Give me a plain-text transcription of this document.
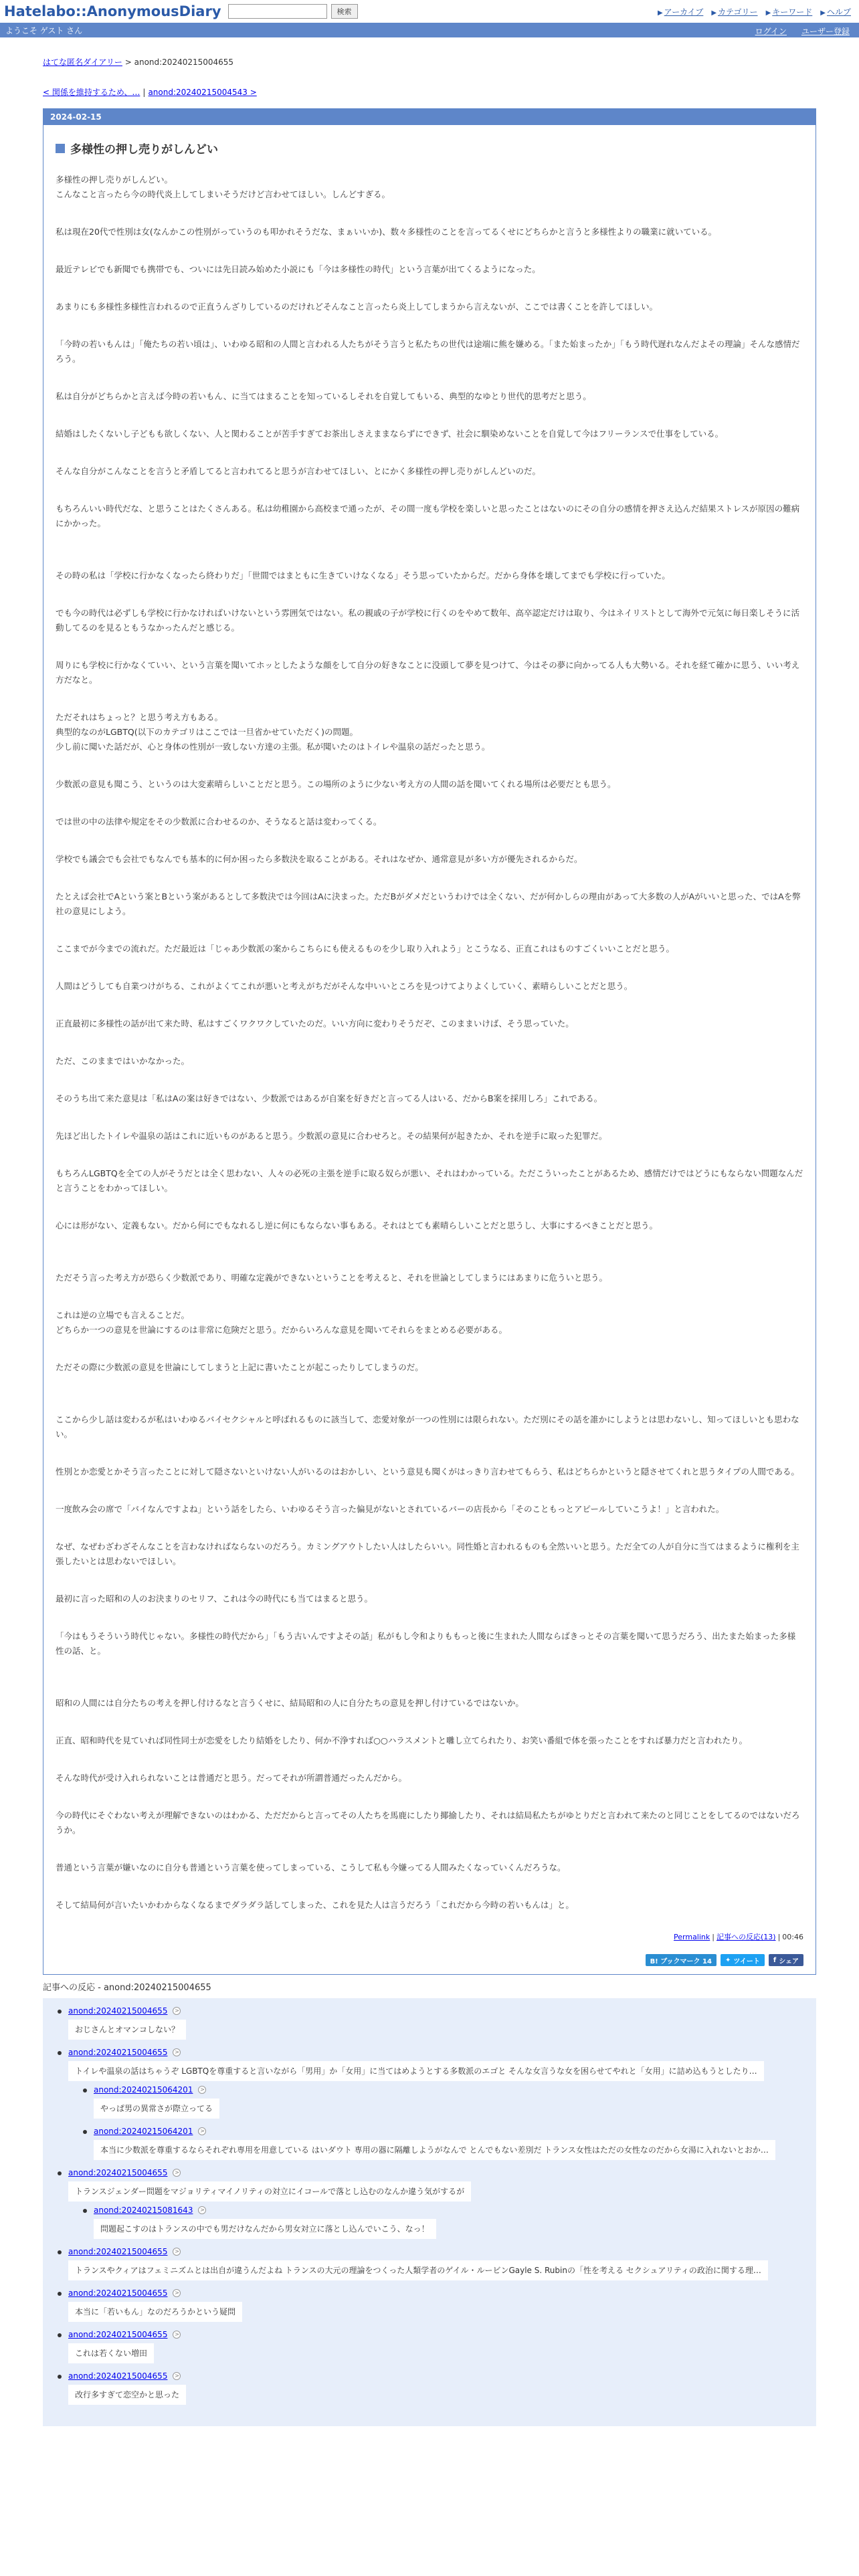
Hatelabo::AnonymousDiary	検索	▶ アーカイブ ▶ カテゴリー ▶ キーワード ▶ ヘルプ
ようこそ ゲスト さん	ログイン ユーザー登録
はてな匿名ダイアリー > anond:20240215004655
< 関係を維持するため、… | anond:20240215004543 >
2024-02-15
多様性の押し売りがしんどい

多様性の押し売りがしんどい。

こんなこと言ったら今の時代炎上してしまいそうだけど言わせてほしい。しんどすぎる。

私は現在20代で性別は女(なんかこの性別がっていうのも叩かれそうだな、まぁいいか)、数々多様性のことを言ってるくせにどちらかと言うと多様性よりの職業に就いている。

最近テレビでも新聞でも携帯でも、ついには先日読み始めた小説にも「今は多様性の時代」という言葉が出てくるようになった。

あまりにも多様性多様性言われるので正直うんざりしているのだけれどそんなこと言ったら炎上してしまうから言えないが、ここでは書くことを許してほしい。

「今時の若いもんは」「俺たちの若い頃は」、いわゆる昭和の人間と言われる人たちがそう言うと私たちの世代は途端に熊を嫌める。「また始まったか」「もう時代遅れなんだよその理論」そんな感情だろう。

私は自分がどちらかと言えば今時の若いもん、に当てはまることを知っているしそれを自覚してもいる、典型的なゆとり世代的思考だと思う。

結婚はしたくないし子どもも欲しくない、人と関わることが苦手すぎてお茶出しさえままならずにできず、社会に馴染めないことを自覚して今はフリーランスで仕事をしている。

そんな自分がこんなことを言うと矛盾してると言われてると思うが言わせてほしい、とにかく多様性の押し売りがしんどいのだ。

もちろんいい時代だな、と思うことはたくさんある。私は幼稚園から高校まで通ったが、その間一度も学校を楽しいと思ったことはないのにその自分の感情を押さえ込んだ結果ストレスが原因の難病にかかった。

その時の私は「学校に行かなくなったら終わりだ」「世間ではまともに生きていけなくなる」そう思っていたからだ。だから身体を壊してまでも学校に行っていた。

でも今の時代は必ずしも学校に行かなければいけないという雰囲気ではない。私の親戚の子が学校に行くのをやめて数年、高卒認定だけは取り、今はネイリストとして海外で元気に毎日楽しそうに活動してるのを見るともうなかったんだと感じる。

周りにも学校に行かなくていい、という言葉を聞いてホッとしたような顔をして自分の好きなことに没頭して夢を見つけて、今はその夢に向かってる人も大勢いる。それを経て確かに思う、いい考え方だなと。

ただそれはちょっと？と思う考え方もある。

典型的なのがLGBTQ(以下のカテゴリはここでは一旦省かせていただく)の問題。

少し前に聞いた話だが、心と身体の性別が一致しない方達の主張。私が聞いたのはトイレや温泉の話だったと思う。

少数派の意見も聞こう、というのは大変素晴らしいことだと思う。この場所のように少ない考え方の人間の話を聞いてくれる場所は必要だとも思う。

では世の中の法律や規定をその少数派に合わせるのか、そうなると話は変わってくる。

学校でも議会でも会社でもなんでも基本的に何か困ったら多数決を取ることがある。それはなぜか、通常意見が多い方が優先されるからだ。

たとえば会社でAという案とBという案があるとして多数決では今回はAに決まった。ただBがダメだというわけでは全くない、だが何かしらの理由があって大多数の人がAがいいと思った、ではAを弊社の意見にしよう。

ここまでが今までの流れだ。ただ最近は「じゃあ少数派の案からこちらにも使えるものを少し取り入れよう」とこうなる、正直これはものすごくいいことだと思う。

人間はどうしても自業つけがちる、これがよくてこれが悪いと考えがちだがそんな中いいところを見つけてよりよくしていく、素晴らしいことだと思う。

正直最初に多様性の話が出て来た時、私はすごくワクワクしていたのだ。いい方向に変わりそうだぞ、このままいけば、そう思っていた。

ただ、このままではいかなかった。

そのうち出て来た意見は「私はAの案は好きではない、少数派ではあるが自案を好きだと言ってる人はいる、だからB案を採用しろ」これである。

先ほど出したトイレや温泉の話はこれに近いものがあると思う。少数派の意見に合わせろと。その結果何が起きたか、それを逆手に取った犯罪だ。

もちろんLGBTQを全ての人がそうだとは全く思わない、人々の必死の主張を逆手に取る奴らが悪い、それはわかっている。ただこういったことがあるため、感情だけではどうにもならない問題なんだと言うことをわかってほしい。

心には形がない、定義もない。だから何にでもなれるし逆に何にもならない事もある。それはとても素晴らしいことだと思うし、大事にするべきことだと思う。

ただそう言った考え方が恐らく少数派であり、明確な定義ができないということを考えると、それを世論としてしまうにはあまりに危ういと思う。

これは逆の立場でも言えることだ。

どちらか一つの意見を世論にするのは非常に危険だと思う。だからいろんな意見を聞いてそれらをまとめる必要がある。

ただその際に少数派の意見を世論にしてしまうと上記に書いたことが起こったりしてしまうのだ。

ここから少し話は変わるが私はいわゆるバイセクシャルと呼ばれるものに該当して、恋愛対象が一つの性別には限られない。ただ別にその話を誰かにしようとは思わないし、知ってほしいとも思わない。

性別とか恋愛とかそう言ったことに対して隠さないといけない人がいるのはおかしい、という意見も聞くがはっきり言わせてもらう、私はどちらかというと隠させてくれと思うタイプの人間である。

一度飲み会の席で「バイなんですよね」という話をしたら、いわゆるそう言った偏見がないとされているバーの店長から「そのこともっとアピールしていこうよ！」と言われた。

なぜ、なぜわざわざそんなことを言わなければならないのだろう。カミングアウトしたい人はしたらいい。同性婚と言われるものも全然いいと思う。ただ全ての人が自分に当てはまるように権利を主張したいとは思わないでほしい。

最初に言った昭和の人のお決まりのセリフ、これは今の時代にも当てはまると思う。

「今はもうそういう時代じゃない。多様性の時代だから」「もう古いんですよその話」私がもし令和よりももっと後に生まれた人間ならばきっとその言葉を聞いて思うだろう、出たまた始まった多様性の話、と。

昭和の人間には自分たちの考えを押し付けるなと言うくせに、結局昭和の人に自分たちの意見を押し付けているではないか。

正直、昭和時代を見ていれば同性同士が恋愛をしたり結婚をしたり、何か不浄すれば○○ハラスメントと囃し立てられたり、お笑い番組で体を張ったことをすれば暴力だと言われたり。

そんな時代が受け入れられないことは普通だと思う。だってそれが所謂普通だったんだから。

今の時代にそぐわない考えが理解できないのはわかる、ただだからと言ってその人たちを馬鹿にしたり揶揄したり、それは結局私たちがゆとりだと言われて来たのと同じことをしてるのではないだろうか。

普通という言葉が嫌いなのに自分も普通という言葉を使ってしまっている、こうして私も今嫌ってる人間みたくなっていくんだろうな。

そして結局何が言いたいかわからなくなるまでダラダラ話してしまった、これを見た人は言うだろう「これだから今時の若いもんは」と。

Permalink | 記事への反応(13) | 00:46
B! ブックマーク 14	✦ ツイート f シェア
記事への反応 - anond:20240215004655
anond:20240215004655	>
おじさんとオマンコしない？
anond:20240215004655	>
トイレや温泉の話はちゃうぞ LGBTQを尊重すると言いながら「男用」か「女用」に当てはめようとする多数派のエゴと そんな女言うな女を困らせてやれと「女用」に詰め込もうとしたり…
anond:20240215064201	>
やっぱ男の異常さが際立ってる
anond:20240215064201	>
本当に少数派を尊重するならそれぞれ専用を用意している はいダウト 専用の器に隔離しようがなんで とんでもない差別だ トランス女性はただの女性なのだから女湯に入れないとおか…
anond:20240215004655	>
トランスジェンダー問題をマジョリティマイノリティの対立にイコールで落とし込むのなんか違う気がするが
anond:20240215081643	>
問題起こすのはトランスの中でも男だけなんだから男女対立に落とし込んでいこう、なっ！
anond:20240215004655	>
トランスやクィアはフェミニズムとは出自が違うんだよね トランスの大元の理論をつくった人類学者のゲイル・ルービンGayle S. Rubinの「性を考える セクシュアリティの政治に関する理…
anond:20240215004655	>
本当に「若いもん」なのだろうかという疑問
anond:20240215004655	>
これは若くない増田
anond:20240215004655	>
改行多すぎて恋空かと思った
